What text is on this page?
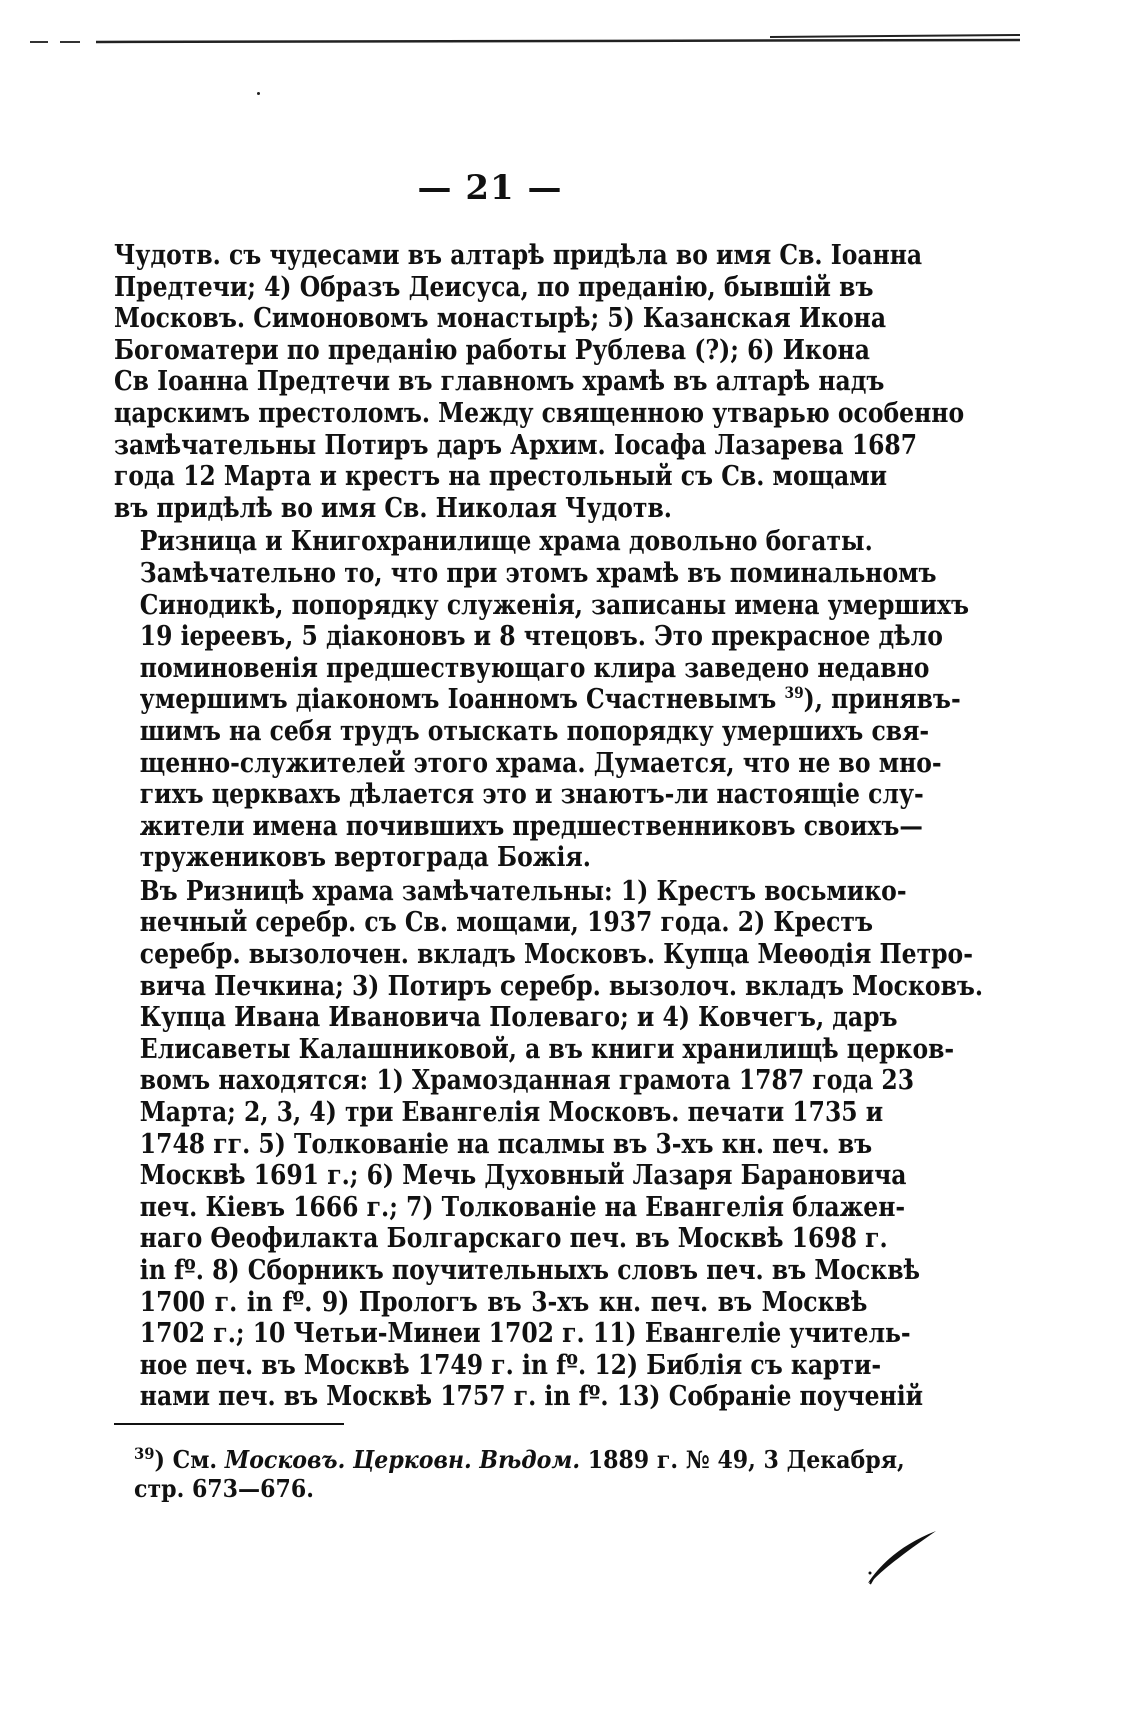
— 21 —

Чудотв. съ чудесами въ алтарѣ придѣла во имя Св. Іоанна
Предтечи; 4) Образъ Деисуса, по преданію, бывшій въ
Московъ. Симоновомъ монастырѣ; 5) Казанская Икона
Богоматери по преданію работы Рублева (?); 6) Икона
Св Іоанна Предтечи въ главномъ храмѣ въ алтарѣ надъ
царскимъ престоломъ. Между священною утварью особенно
замѣчательны Потиръ даръ Архим. Іосафа Лазарева 1687
года 12 Марта и крестъ на престольный съ Св. мощами
въ придѣлѣ во имя Св. Николая Чудотв.

Ризница и Книгохранилище храма довольно богаты.
Замѣчательно то, что при этомъ храмѣ въ поминальномъ
Синодикѣ, попорядку служенія, записаны имена умершихъ
19 іереевъ, 5 діаконовъ и 8 чтецовъ. Это прекрасное дѣло
поминовенія предшествующаго клира заведено недавно
умершимъ діакономъ Іоанномъ Счастневымъ $^{39}$), принявъ-
шимъ на себя трудъ отыскать попорядку умершихъ свя-
щенно-служителей этого храма. Думается, что не во мно-
гихъ церквахъ дѣлается это и знаютъ-ли настоящіе слу-
жители имена почившихъ предшественниковъ своихъ—
тружениковъ вертограда Божія.

Въ Ризницѣ храма замѣчательны: 1) Крестъ восьмико-
нечный серебр. съ Св. мощами, 1937 года. 2) Крестъ
серебр. вызолочен. вкладъ Московъ. Купца Меѳодія Петро-
вича Печкина; 3) Потиръ серебр. вызолоч. вкладъ Московъ.
Купца Ивана Ивановича Полеваго; и 4) Ковчегъ, даръ
Елисаветы Калашниковой, а въ книги хранилищѣ церков-
вомъ находятся: 1) Храмозданная грамота 1787 года 23
Марта; 2, 3, 4) три Евангелія Московъ. печати 1735 и
1748 гг. 5) Толкованіе на псалмы въ 3-хъ кн. печ. въ
Москвѣ 1691 г.; 6) Мечь Духовный Лазаря Барановича
печ. Кіевъ 1666 г.; 7) Толкованіе на Евангелія блажен-
наго Ѳеофилакта Болгарскаго печ. въ Москвѣ 1698 г.
in fº. 8) Сборникъ поучительныхъ словъ печ. въ Москвѣ
1700 г. in fº. 9) Прологъ въ 3-хъ кн. печ. въ Москвѣ
1702 г.; 10 Четьи-Минеи 1702 г. 11) Евангеліе учитель-
ное печ. въ Москвѣ 1749 г. in fº. 12) Библія съ карти-
нами печ. въ Москвѣ 1757 г. in fº. 13) Собраніе поученій

$^{39}$) См. Московъ. Церковн. Вѣдом. 1889 г. № 49, 3 Декабря,
стр. 673—676.
